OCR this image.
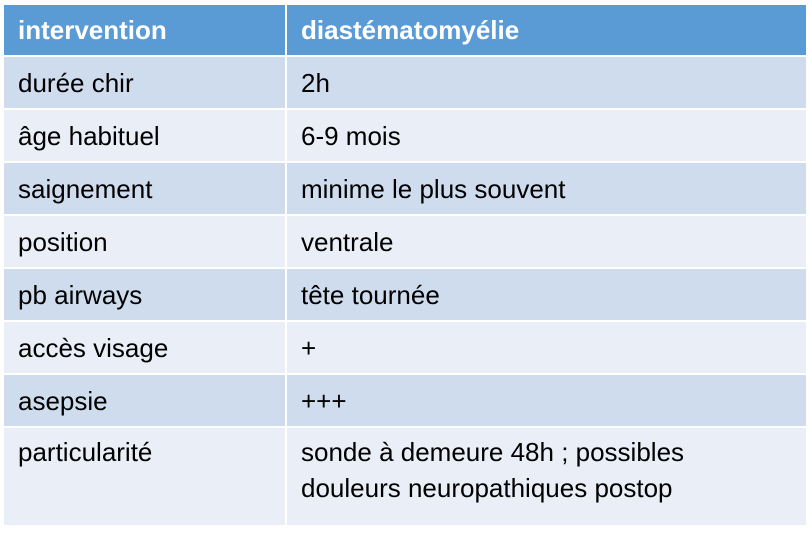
intervention	diastématomyélie
durée chir	2h
âge habituel	6-9 mois
saignement	minime le plus souvent
position	ventrale
pb airways	tête tournée
accès visage	+
asepsie	+++
particularité	sonde à demeure 48h ; possibles douleurs neuropathiques postop
